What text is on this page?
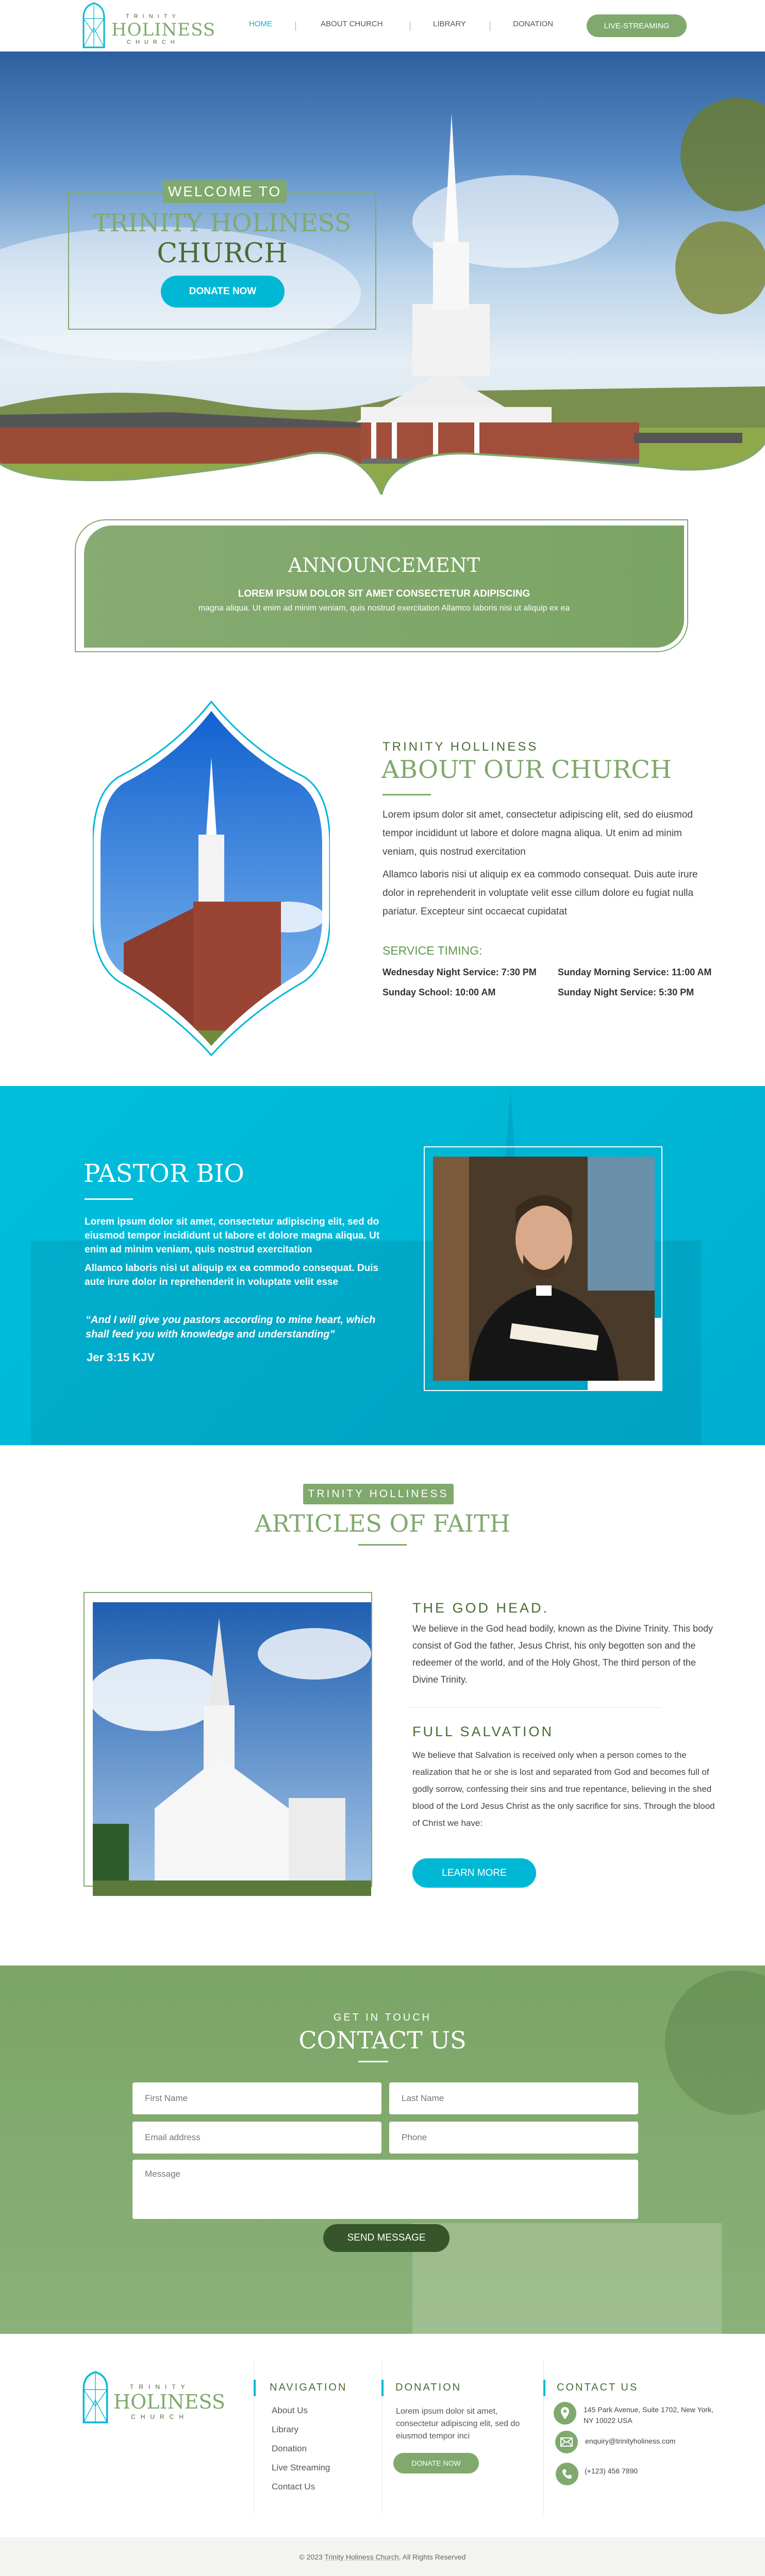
TRINITY
HOLINESS
CHURCH
HOME	ABOUT CHURCH	LIBRARY	DONATION	LIVE-STREAMING
WELCOME TO
TRINITY HOLINESS
CHURCH
DONATE NOW
ANNOUNCEMENT
LOREM IPSUM DOLOR SIT AMET CONSECTETUR ADIPISCING
magna aliqua. Ut enim ad minim veniam, quis nostrud exercitation Allamco laboris nisi ut aliquip ex ea
TRINITY HOLLINESS
ABOUT OUR CHURCH
Lorem ipsum dolor sit amet, consectetur adipiscing elit, sed do eiusmod tempor incididunt ut labore et dolore magna aliqua. Ut enim ad minim veniam, quis nostrud exercitation
Allamco laboris nisi ut aliquip ex ea commodo consequat. Duis aute irure dolor in reprehenderit in voluptate velit esse cillum dolore eu fugiat nulla pariatur. Excepteur sint occaecat cupidatat
SERVICE TIMING:
Wednesday Night Service: 7:30 PM Sunday Morning Service: 11:00 AM
Sunday School: 10:00 AM	Sunday Night Service: 5:30 PM
PASTOR BIO
Lorem ipsum dolor sit amet, consectetur adipiscing elit, sed do eiusmod tempor incididunt ut labore et dolore magna aliqua. Ut enim ad minim veniam, quis nostrud exercitation
Allamco laboris nisi ut aliquip ex ea commodo consequat. Duis aute irure dolor in reprehenderit in voluptate velit esse
“And I will give you pastors according to mine heart, which shall feed you with knowledge and understanding”
Jer 3:15 KJV
TRINITY HOLLINESS
ARTICLES OF FAITH
THE GOD HEAD.
We believe in the God head bodily, known as the Divine Trinity. This body consist of God the father, Jesus Christ, his only begotten son and the redeemer of the world, and of the Holy Ghost, The third person of the Divine Trinity.
FULL SALVATION
We believe that Salvation is received only when a person comes to the realization that he or she is lost and separated from God and becomes full of godly sorrow, confessing their sins and true repentance, believing in the shed blood of the Lord Jesus Christ as the only sacrifice for sins. Through the blood of Christ we have:
LEARN MORE
GET IN TOUCH
CONTACT US
First Name
Last Name
Email address
Phone
Message
SEND MESSAGE
TRINITY
HOLINESS
CHURCH
NAVIGATION
About Us
Library
Donation
Live Streaming
Contact Us
DONATION
Lorem ipsum dolor sit amet, consectetur adipiscing elit, sed do eiusmod tempor inci
DONATE NOW
CONTACT US
145 Park Avenue, Suite 1702, New York, NY 10022 USA
enquiry@trinityholiness.com
(+123) 456 7890
© 2023 Trinity Holiness Church. All Rights Reserved
